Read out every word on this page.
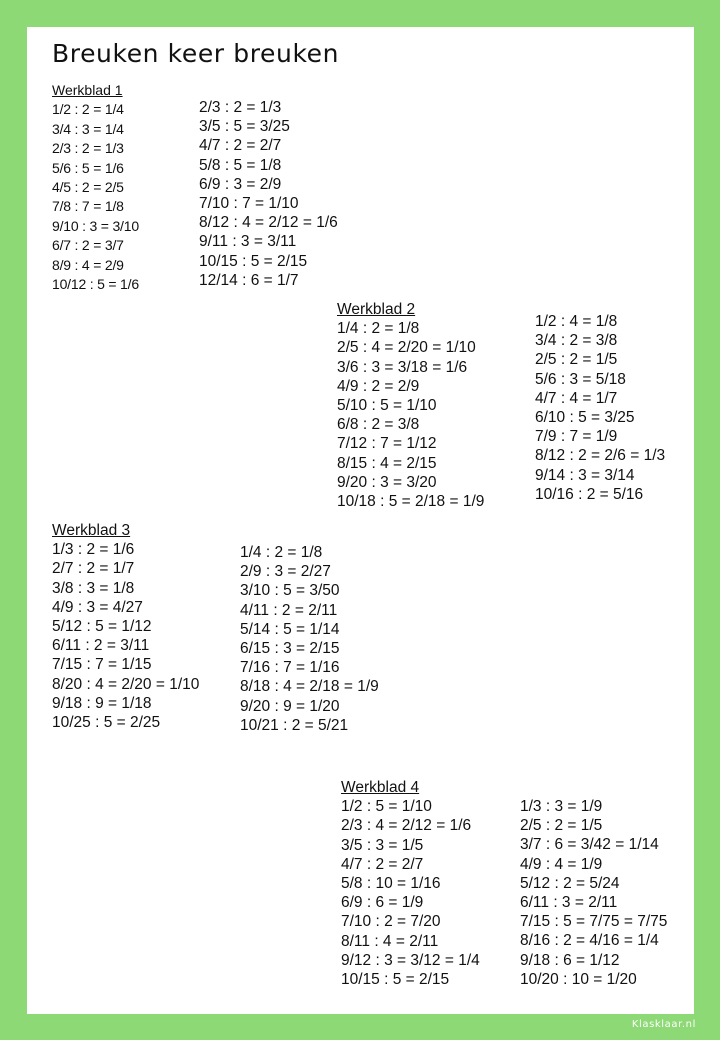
Breuken keer breuken
Werkblad 1
1/2 : 2 = 1/4
3/4 : 3 = 1/4
2/3 : 2 = 1/3
5/6 : 5 = 1/6
4/5 : 2 = 2/5
7/8 : 7 = 1/8
9/10 : 3 = 3/10
6/7 : 2 = 3/7
8/9 : 4 = 2/9
10/12 : 5 = 1/6
2/3 : 2 = 1/3
3/5 : 5 = 3/25
4/7 : 2 = 2/7
5/8 : 5 = 1/8
6/9 : 3 = 2/9
7/10 : 7 = 1/10
8/12 : 4 = 2/12 = 1/6
9/11 : 3 = 3/11
10/15 : 5 = 2/15
12/14 : 6 = 1/7
Werkblad 2
1/4 : 2 = 1/8
2/5 : 4 = 2/20 = 1/10
3/6 : 3 = 3/18 = 1/6
4/9 : 2 = 2/9
5/10 : 5 = 1/10
6/8 : 2 = 3/8
7/12 : 7 = 1/12
8/15 : 4 = 2/15
9/20 : 3 = 3/20
10/18 : 5 = 2/18 = 1/9
1/2 : 4 = 1/8
3/4 : 2 = 3/8
2/5 : 2 = 1/5
5/6 : 3 = 5/18
4/7 : 4 = 1/7
6/10 : 5 = 3/25
7/9 : 7 = 1/9
8/12 : 2 = 2/6 = 1/3
9/14 : 3 = 3/14
10/16 : 2 = 5/16
Werkblad 3
1/3 : 2 = 1/6
2/7 : 2 = 1/7
3/8 : 3 = 1/8
4/9 : 3 = 4/27
5/12 : 5 = 1/12
6/11 : 2 = 3/11
7/15 : 7 = 1/15
8/20 : 4 = 2/20 = 1/10
9/18 : 9 = 1/18
10/25 : 5 = 2/25
1/4 : 2 = 1/8
2/9 : 3 = 2/27
3/10 : 5 = 3/50
4/11 : 2 = 2/11
5/14 : 5 = 1/14
6/15 : 3 = 2/15
7/16 : 7 = 1/16
8/18 : 4 = 2/18 = 1/9
9/20 : 9 = 1/20
10/21 : 2 = 5/21
Werkblad 4
1/2 : 5 = 1/10
2/3 : 4 = 2/12 = 1/6
3/5 : 3 = 1/5
4/7 : 2 = 2/7
5/8 : 10 = 1/16
6/9 : 6 = 1/9
7/10 : 2 = 7/20
8/11 : 4 = 2/11
9/12 : 3 = 3/12 = 1/4
10/15 : 5 = 2/15
1/3 : 3 = 1/9
2/5 : 2 = 1/5
3/7 : 6 = 3/42 = 1/14
4/9 : 4 = 1/9
5/12 : 2 = 5/24
6/11 : 3 = 2/11
7/15 : 5 = 7/75 = 7/75
8/16 : 2 = 4/16 = 1/4
9/18 : 6 = 1/12
10/20 : 10 = 1/20
Klasklaar.nl
